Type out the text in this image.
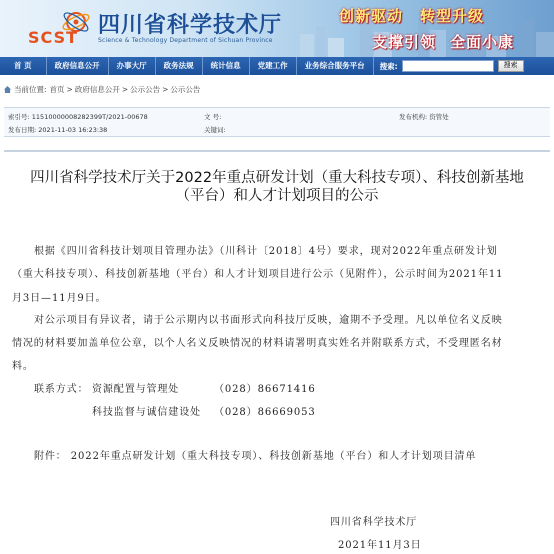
SCST 四川省科学技术厅
Science & Technology Department of Sichuan Province
创新驱动 转型升级
支撑引领 全面小康
首 页	政府信息公开	办事大厅	政务法规	统计信息	党建工作	业务综合服务平台	搜索:	搜索
当前位置: 首页 > 政府信息公开 > 公示公告 > 公示公告
索引号: 11510000008282399T/2021-00678	文 号:	发布机构: 资管处
发布日期: 2021-11-03 16:23:38	关键词:
四川省科学技术厅关于2022年重点研发计划（重大科技专项）、科技创新基地
（平台）和人才计划项目的公示
根据《四川省科技计划项目管理办法》（川科计〔2018〕4号）要求，现对2022年重点研发计划
（重大科技专项）、科技创新基地（平台）和人才计划项目进行公示（见附件），公示时间为2021年11
月3日—11月9日。
对公示项目有异议者，请于公示期内以书面形式向科技厅反映，逾期不予受理。凡以单位名义反映
情况的材料要加盖单位公章，以个人名义反映情况的材料请署明真实姓名并附联系方式，不受理匿名材
料。
联系方式： 资源配置与管理处	（028）86671416
科技监督与诚信建设处 （028）86669053
附件： 2022年重点研发计划（重大科技专项）、科技创新基地（平台）和人才计划项目清单
四川省科学技术厅
2021年11月3日
